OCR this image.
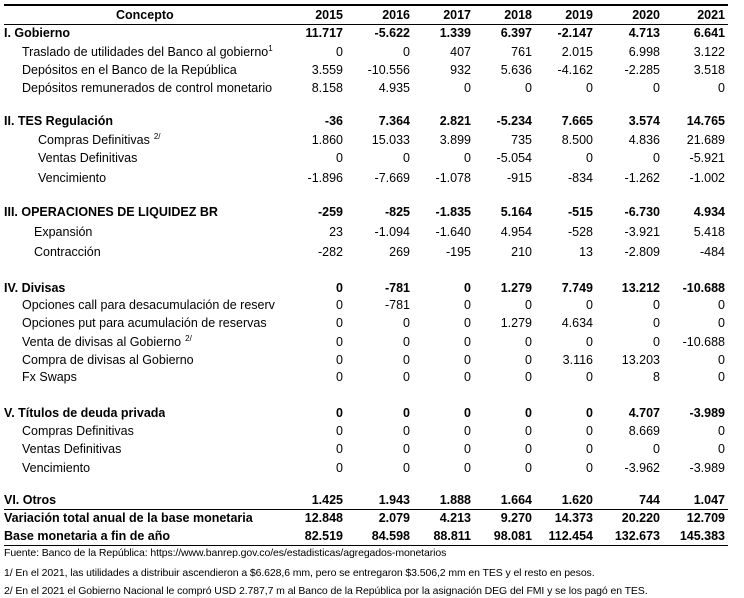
Concepto	2015	2016	2017	2018	2019	2020	2021
I. Gobierno	11.717	-5.622	1.339	6.397	-2.147	4.713	6.641
Traslado de utilidades del Banco al gobierno$^1$	0	0	407	761	2.015	6.998	3.122
Depósitos en el Banco de la República	3.559	-10.556	932	5.636	-4.162	-2.285	3.518
Depósitos remunerados de control monetario	8.158	4.935	0	0	0	0	0
II. TES Regulación	-36	7.364	2.821	-5.234	7.665	3.574	14.765
Compras Definitivas $^{2/}$	1.860	15.033	3.899	735	8.500	4.836	21.689
Ventas Definitivas	0	0	0	-5.054	0	0	-5.921
Vencimiento	-1.896	-7.669	-1.078	-915	-834	-1.262	-1.002
III. OPERACIONES DE LIQUIDEZ BR	-259	-825	-1.835	5.164	-515	-6.730	4.934
Expansión	23	-1.094	-1.640	4.954	-528	-3.921	5.418
Contracción	-282	269	-195	210	13	-2.809	-484
IV. Divisas	0	-781	0	1.279	7.749	13.212	-10.688
Opciones call para desacumulación de reserv	0	-781	0	0	0	0	0
Opciones put para acumulación de reservas	0	0	0	1.279	4.634	0	0
Venta de divisas al Gobierno $^{2/}$	0	0	0	0	0	0	-10.688
Compra de divisas al Gobierno	0	0	0	0	3.116	13.203	0
Fx Swaps	0	0	0	0	0	8	0
V. Títulos de deuda privada	0	0	0	0	0	4.707	-3.989
Compras Definitivas	0	0	0	0	0	8.669	0
Ventas Definitivas	0	0	0	0	0	0	0
Vencimiento	0	0	0	0	0	-3.962	-3.989
VI. Otros	1.425	1.943	1.888	1.664	1.620	744	1.047
Variación total anual de la base monetaria	12.848	2.079	4.213	9.270	14.373	20.220	12.709
Base monetaria a fin de año	82.519	84.598	88.811	98.081	112.454	132.673	145.383
Fuente: Banco de la República: https://www.banrep.gov.co/es/estadisticas/agregados-monetarios
1/ En el 2021, las utilidades a distribuir ascendieron a $6.628,6 mm, pero se entregaron $3.506,2 mm en TES y el resto en pesos.
2/ En el 2021 el Gobierno Nacional le compró USD 2.787,7 m al Banco de la República por la asignación DEG del FMI y se los pagó en TES.
